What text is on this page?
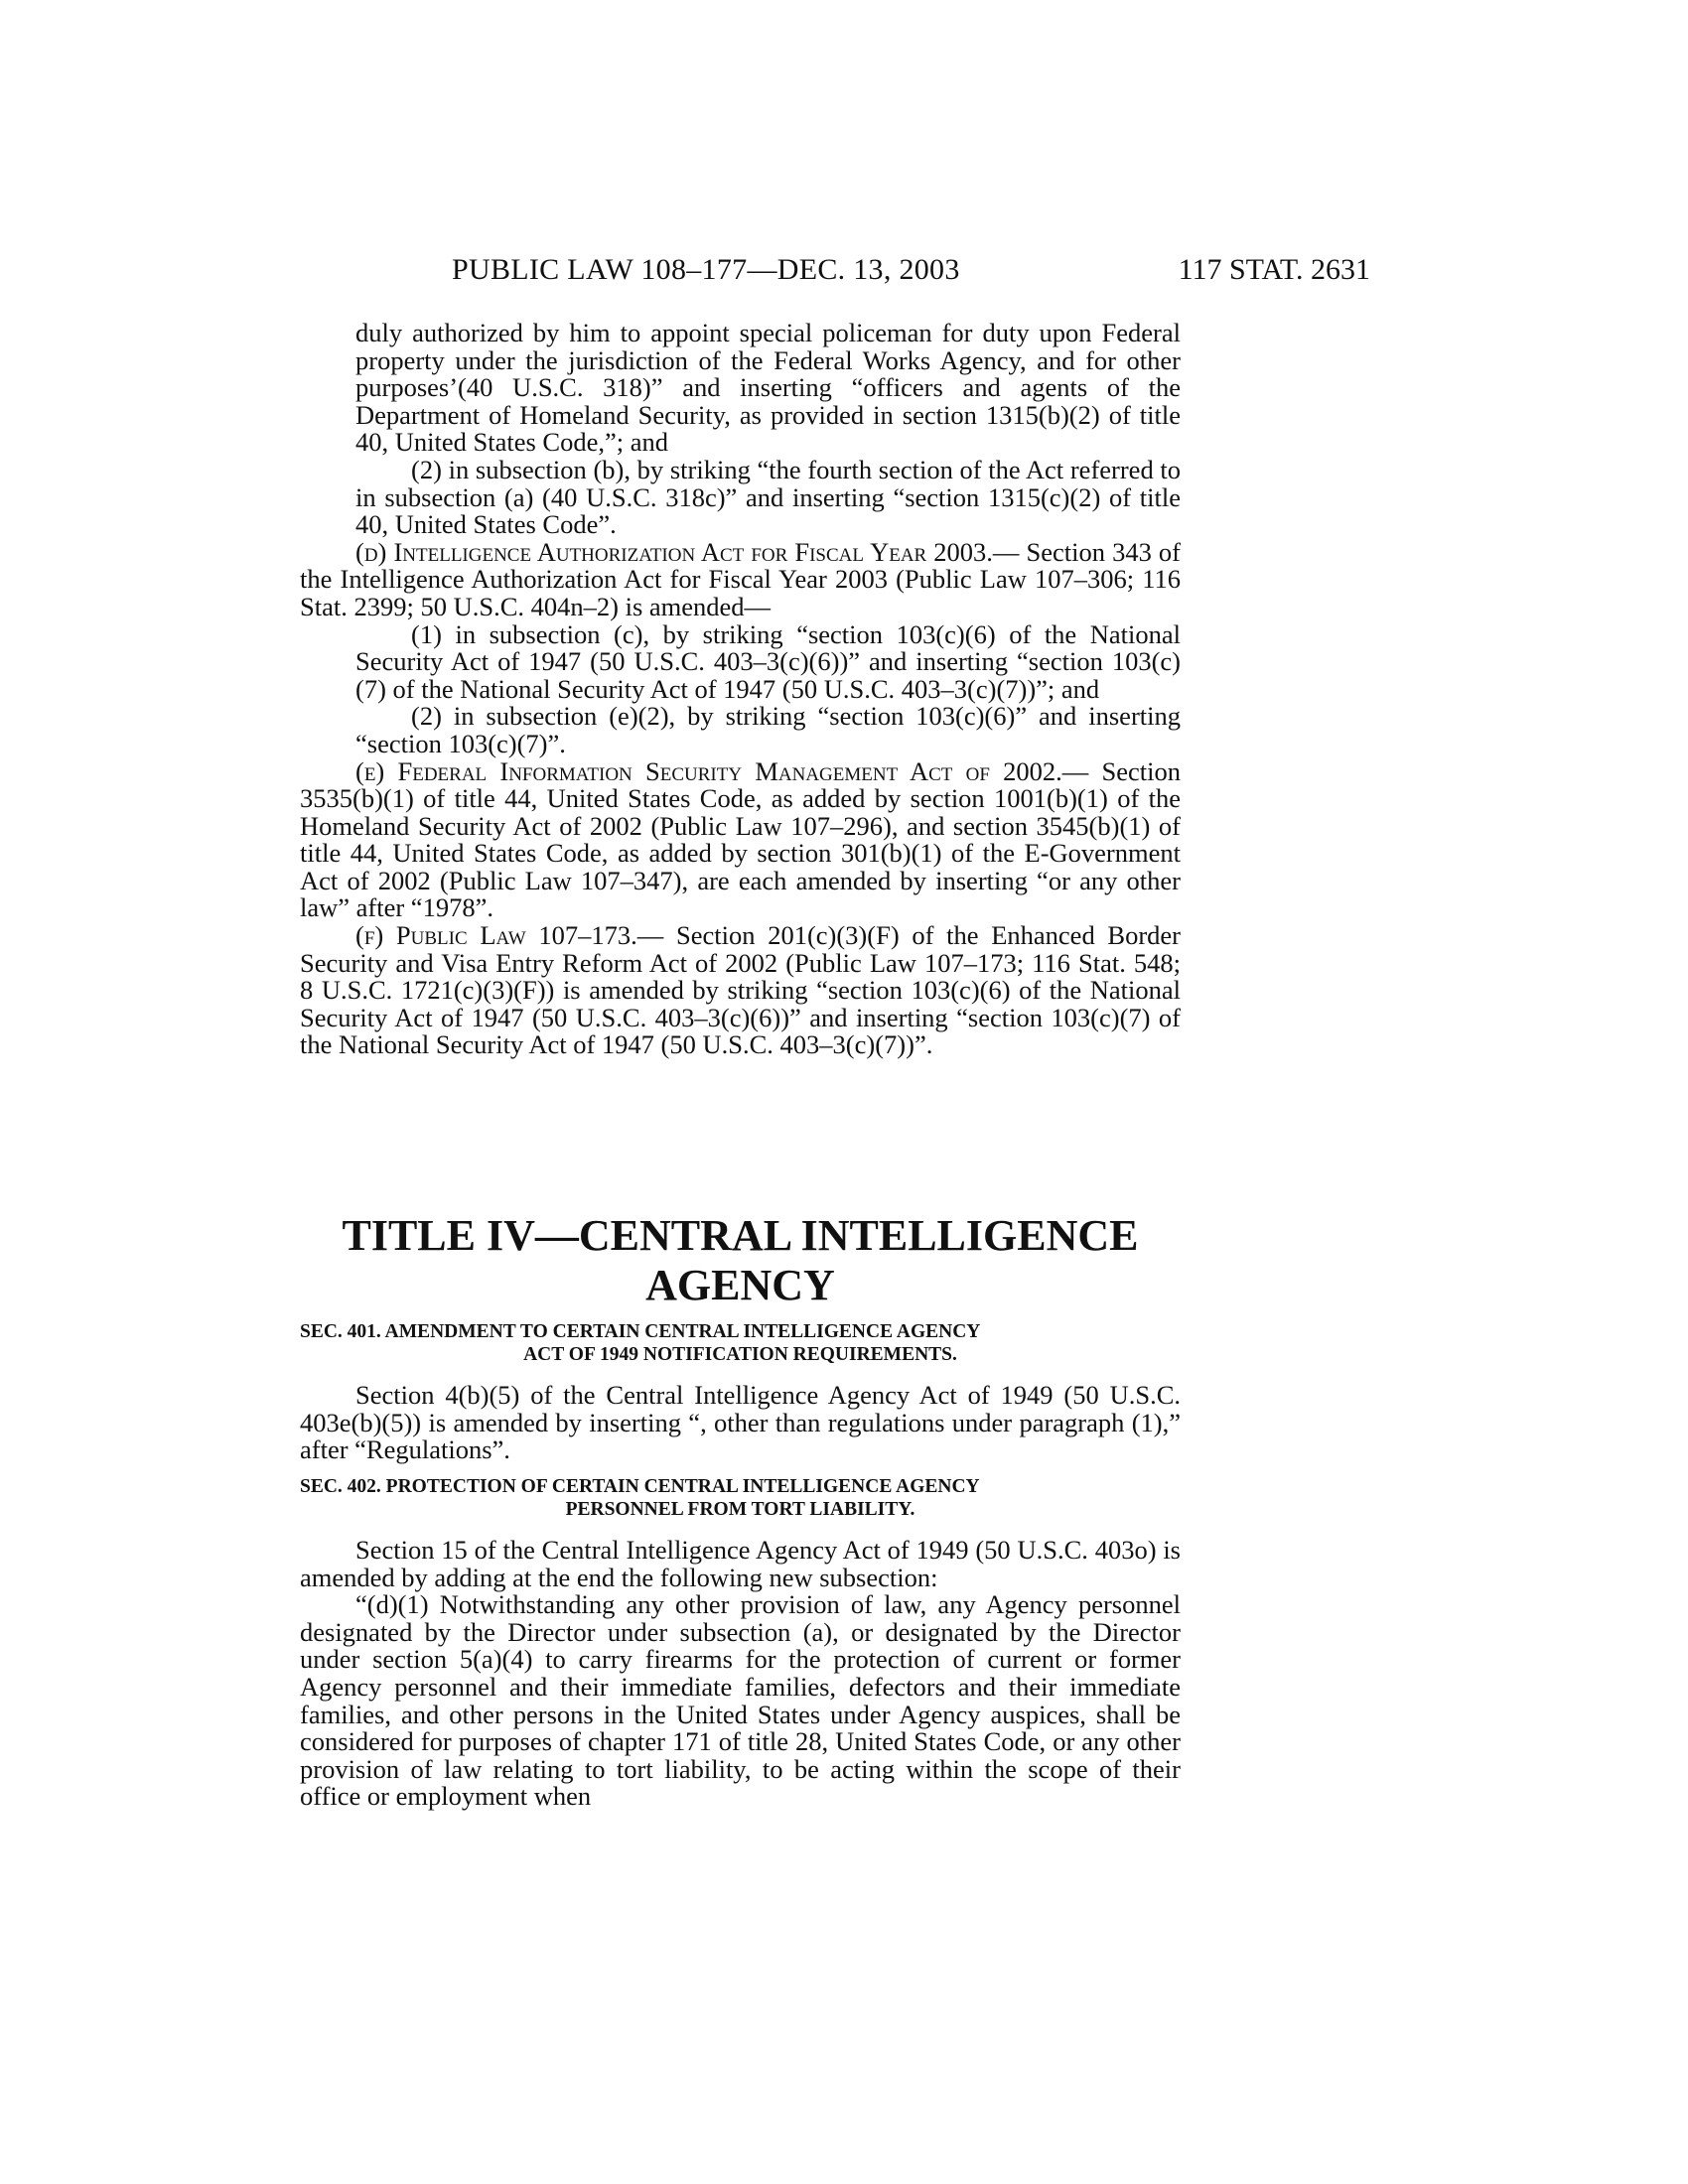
PUBLIC LAW 108–177—DEC. 13, 2003	117 STAT. 2631

duly authorized by him to appoint special policeman for duty upon Federal property under the jurisdiction of the Federal Works Agency, and for other purposes’(40 U.S.C. 318)” and inserting “officers and agents of the Department of Homeland Security, as provided in section 1315(b)(2) of title 40, United States Code,”; and

(2) in subsection (b), by striking “the fourth section of the Act referred to in subsection (a) (40 U.S.C. 318c)” and inserting “section 1315(c)(2) of title 40, United States Code”.

(d) Intelligence Authorization Act for Fiscal Year 2003.— Section 343 of the Intelligence Authorization Act for Fiscal Year 2003 (Public Law 107–306; 116 Stat. 2399; 50 U.S.C. 404n–2) is amended—

(1) in subsection (c), by striking “section 103(c)(6) of the National Security Act of 1947 (50 U.S.C. 403–3(c)(6))” and inserting “section 103(c)(7) of the National Security Act of 1947 (50 U.S.C. 403–3(c)(7))”; and

(2) in subsection (e)(2), by striking “section 103(c)(6)” and inserting “section 103(c)(7)”.

(e) Federal Information Security Management Act of 2002.— Section 3535(b)(1) of title 44, United States Code, as added by section 1001(b)(1) of the Homeland Security Act of 2002 (Public Law 107–296), and section 3545(b)(1) of title 44, United States Code, as added by section 301(b)(1) of the E-Government Act of 2002 (Public Law 107–347), are each amended by inserting “or any other law” after “1978”.

(f) Public Law 107–173.— Section 201(c)(3)(F) of the Enhanced Border Security and Visa Entry Reform Act of 2002 (Public Law 107–173; 116 Stat. 548; 8 U.S.C. 1721(c)(3)(F)) is amended by striking “section 103(c)(6) of the National Security Act of 1947 (50 U.S.C. 403–3(c)(6))” and inserting “section 103(c)(7) of the National Security Act of 1947 (50 U.S.C. 403–3(c)(7))”.

TITLE IV—CENTRAL INTELLIGENCE
AGENCY
SEC. 401. AMENDMENT TO CERTAIN CENTRAL INTELLIGENCE AGENCY
ACT OF 1949 NOTIFICATION REQUIREMENTS.

Section 4(b)(5) of the Central Intelligence Agency Act of 1949 (50 U.S.C. 403e(b)(5)) is amended by inserting “, other than regulations under paragraph (1),” after “Regulations”.

SEC. 402. PROTECTION OF CERTAIN CENTRAL INTELLIGENCE AGENCY
PERSONNEL FROM TORT LIABILITY.

Section 15 of the Central Intelligence Agency Act of 1949 (50 U.S.C. 403o) is amended by adding at the end the following new subsection:

“(d)(1) Notwithstanding any other provision of law, any Agency personnel designated by the Director under subsection (a), or designated by the Director under section 5(a)(4) to carry firearms for the protection of current or former Agency personnel and their immediate families, defectors and their immediate families, and other persons in the United States under Agency auspices, shall be considered for purposes of chapter 171 of title 28, United States Code, or any other provision of law relating to tort liability, to be acting within the scope of their office or employment when
